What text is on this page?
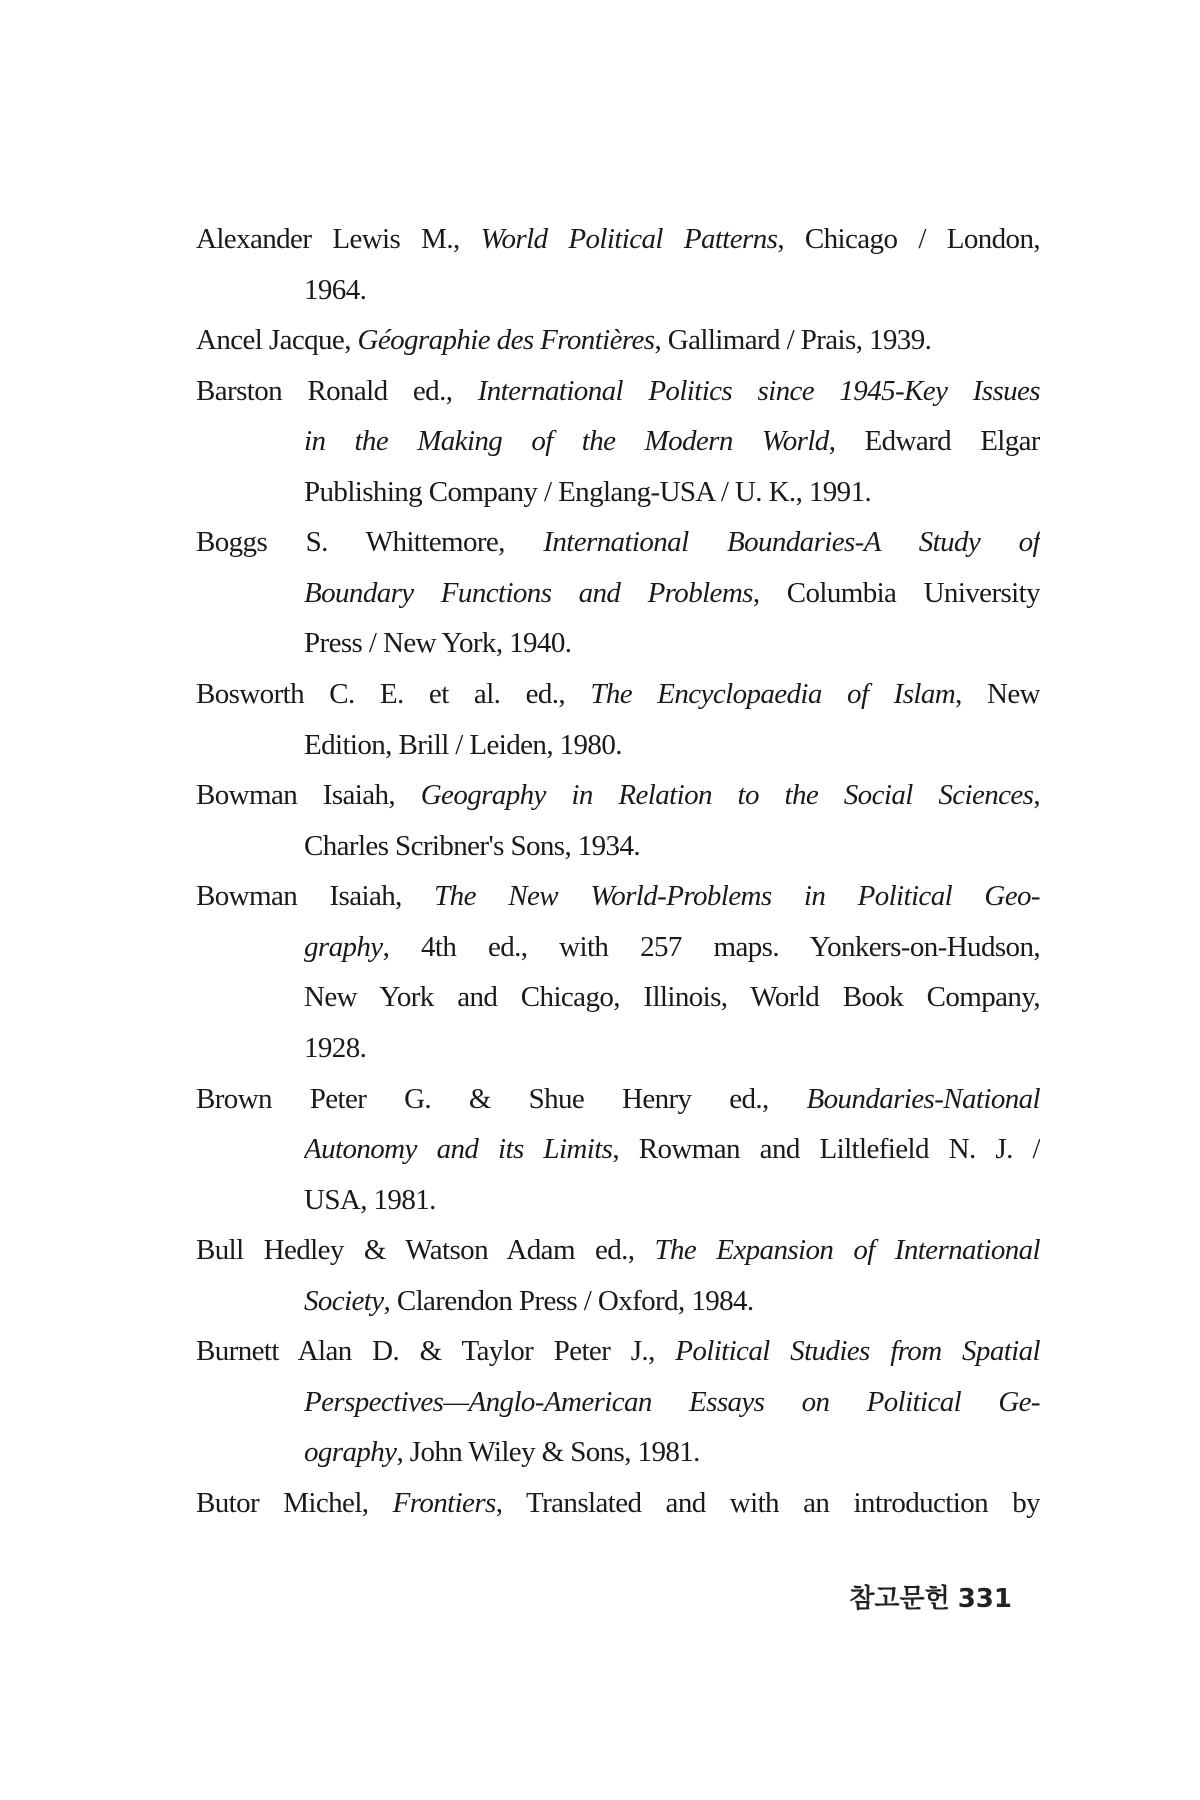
Alexander Lewis M., World Political Patterns, Chicago / London,
1964.
Ancel Jacque, Géographie des Frontières, Gallimard / Prais, 1939.
Barston Ronald ed., International Politics since 1945-Key Issues
in the Making of the Modern World, Edward Elgar
Publishing Company / Englang-USA / U. K., 1991.
Boggs S. Whittemore, International Boundaries-A Study of
Boundary Functions and Problems, Columbia University
Press / New York, 1940.
Bosworth C. E. et al. ed., The Encyclopaedia of Islam, New
Edition, Brill / Leiden, 1980.
Bowman Isaiah, Geography in Relation to the Social Sciences,
Charles Scribner's Sons, 1934.
Bowman Isaiah, The New World-Problems in Political Geo-
graphy, 4th ed., with 257 maps. Yonkers-on-Hudson,
New York and Chicago, Illinois, World Book Company,
1928.
Brown Peter G. & Shue Henry ed., Boundaries-National
Autonomy and its Limits, Rowman and Liltlefield N. J. /
USA, 1981.
Bull Hedley & Watson Adam ed., The Expansion of International
Society, Clarendon Press / Oxford, 1984.
Burnett Alan D. & Taylor Peter J., Political Studies from Spatial
Perspectives—Anglo-American Essays on Political Ge-
ography, John Wiley & Sons, 1981.
Butor Michel, Frontiers, Translated and with an introduction by
참고문헌 331
